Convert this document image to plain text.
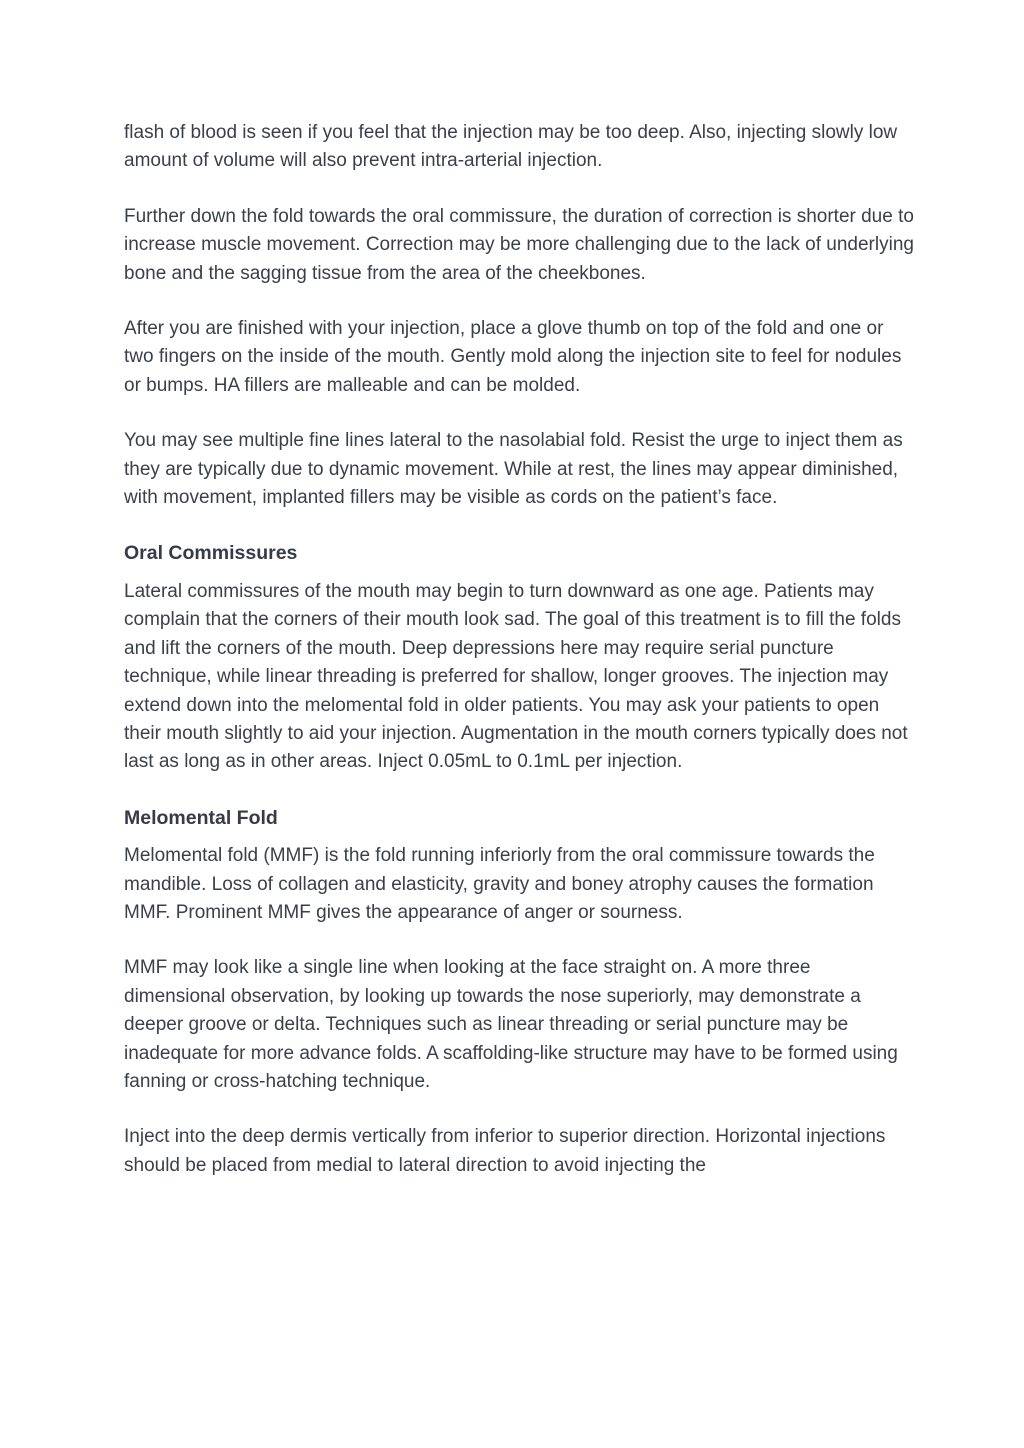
flash of blood is seen if you feel that the injection may be too deep. Also, injecting slowly low amount of volume will also prevent intra-arterial injection.

Further down the fold towards the oral commissure, the duration of correction is shorter due to increase muscle movement. Correction may be more challenging due to the lack of underlying bone and the sagging tissue from the area of the cheekbones.

After you are finished with your injection, place a glove thumb on top of the fold and one or two fingers on the inside of the mouth. Gently mold along the injection site to feel for nodules or bumps. HA fillers are malleable and can be molded.

You may see multiple fine lines lateral to the nasolabial fold. Resist the urge to inject them as they are typically due to dynamic movement. While at rest, the lines may appear diminished, with movement, implanted fillers may be visible as cords on the patient’s face.

Oral Commissures

Lateral commissures of the mouth may begin to turn downward as one age. Patients may complain that the corners of their mouth look sad. The goal of this treatment is to fill the folds and lift the corners of the mouth. Deep depressions here may require serial puncture technique, while linear threading is preferred for shallow, longer grooves. The injection may extend down into the melomental fold in older patients. You may ask your patients to open their mouth slightly to aid your injection. Augmentation in the mouth corners typically does not last as long as in other areas. Inject 0.05mL to 0.1mL per injection.

Melomental Fold

Melomental fold (MMF) is the fold running inferiorly from the oral commissure towards the mandible. Loss of collagen and elasticity, gravity and boney atrophy causes the formation MMF. Prominent MMF gives the appearance of anger or sourness.

MMF may look like a single line when looking at the face straight on. A more three dimensional observation, by looking up towards the nose superiorly, may demonstrate a deeper groove or delta. Techniques such as linear threading or serial puncture may be inadequate for more advance folds. A scaffolding-like structure may have to be formed using fanning or cross-hatching technique.

Inject into the deep dermis vertically from inferior to superior direction. Horizontal injections should be placed from medial to lateral direction to avoid injecting the
